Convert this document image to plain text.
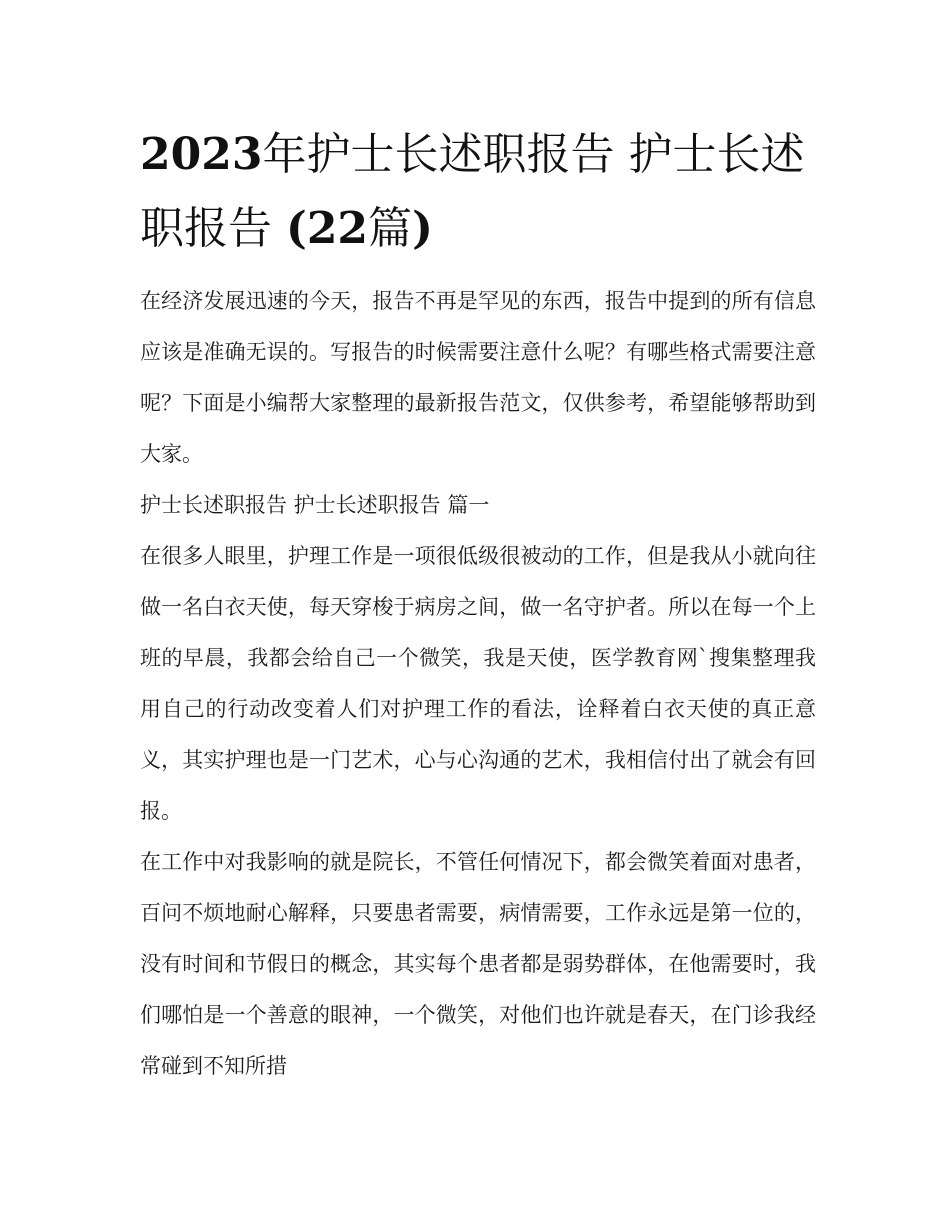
2023年护士长述职报告 护士长述职报告 (22篇)

在经济发展迅速的今天，报告不再是罕见的东西，报告中提到的所有信息应该是准确无误的。写报告的时候需要注意什么呢？有哪些格式需要注意呢？下面是小编帮大家整理的最新报告范文，仅供参考，希望能够帮助到大家。

护士长述职报告 护士长述职报告 篇一

在很多人眼里，护理工作是一项很低级很被动的工作，但是我从小就向往做一名白衣天使，每天穿梭于病房之间，做一名守护者。所以在每一个上班的早晨，我都会给自己一个微笑，我是天使，医学教育网`搜集整理我用自己的行动改变着人们对护理工作的看法，诠释着白衣天使的真正意义，其实护理也是一门艺术，心与心沟通的艺术，我相信付出了就会有回报。

在工作中对我影响的就是院长，不管任何情况下，都会微笑着面对患者，百问不烦地耐心解释，只要患者需要，病情需要，工作永远是第一位的，没有时间和节假日的概念，其实每个患者都是弱势群体，在他需要时，我们哪怕是一个善意的眼神，一个微笑，对他们也许就是春天，在门诊我经常碰到不知所措
